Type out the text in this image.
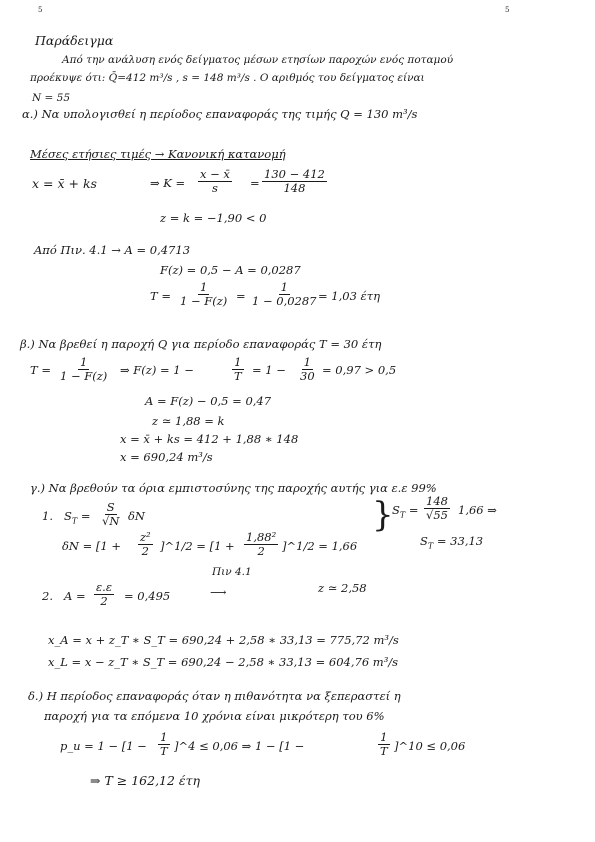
5	5
Παράδειγμα
Από την ανάλυση ενός δείγματος μέσων ετησίων παροχών ενός ποταμού
προέκυψε ότι: Q̄=412 m³/s , s = 148 m³/s . Ο αριθμός του δείγματος είναι
N = 55
α.) Να υπολογισθεί η περίοδος επαναφοράς της τιμής Q = 130 m³/s
Μέσες ετήσιες τιμές → Κανονική κατανομή
x = x̄ + ks	⇒ $K = \frac{x - x̄}{s} = \frac{130 - 412}{148}$
z = k = −1,90 < 0
Από Πιν. 4.1 → A = 0,4713
F(z) = 0,5 − A = 0,0287
$T = \frac{1}{1 - F(z)} = \frac{1}{1 - 0,0287} = 1,03$ έτη
β.) Να βρεθεί η παροχή Q για περίοδο επαναφοράς T = 30 έτη
$T = \frac{1}{1 - F(z)}$ ⇒ F(z) = 1 −	$\frac{1}{T} = 1 - \frac{1}{30} = 0,97 > 0,5$
A = F(z) − 0,5 = 0,47
z ≃ 1,88 = k
x = x̄ + ks = 412 + 1,88 ∗ 148
x = 690,24 m³/s
γ.) Να βρεθούν τα όρια εμπιστοσύνης της παροχής αυτής για ε.ε 99%
1. $S_T = \frac{S}{√N}$ δN
$\delta N = [1 + \frac{\text{z²}}{2}$ ]^1/2 = [$1 + \frac{\text{1,88²}}{2}$ ]^1/2 = 1,66
}
$S_T = \frac{148}{√55} 1,66$ ⇒
$S_T = 33,13$
2. $A = \frac{\varepsilon.\varepsilon}{2} = 0,495$
Πιν 4.1
⟶	z ≃ 2,58
x_A = x + z_T ∗ S_T = 690,24 + 2,58 ∗ 33,13 = 775,72 m³/s
x_L = x − z_T ∗ S_T = 690,24 − 2,58 ∗ 33,13 = 604,76 m³/s
δ.) Η περίοδος επαναφοράς όταν η πιθανότητα να ξεπεραστεί η
παροχή για τα επόμενα 10 χρόνια είναι μικρότερη του 6%
p_u = $1 - [1 - \frac{1}{T}$ ]^4 ≤ 0,06 ⇒ 1 − [1 −	$\frac{1}{T}$ ]^10 ≤ 0,06
⇒ T ≥ 162,12 έτη
